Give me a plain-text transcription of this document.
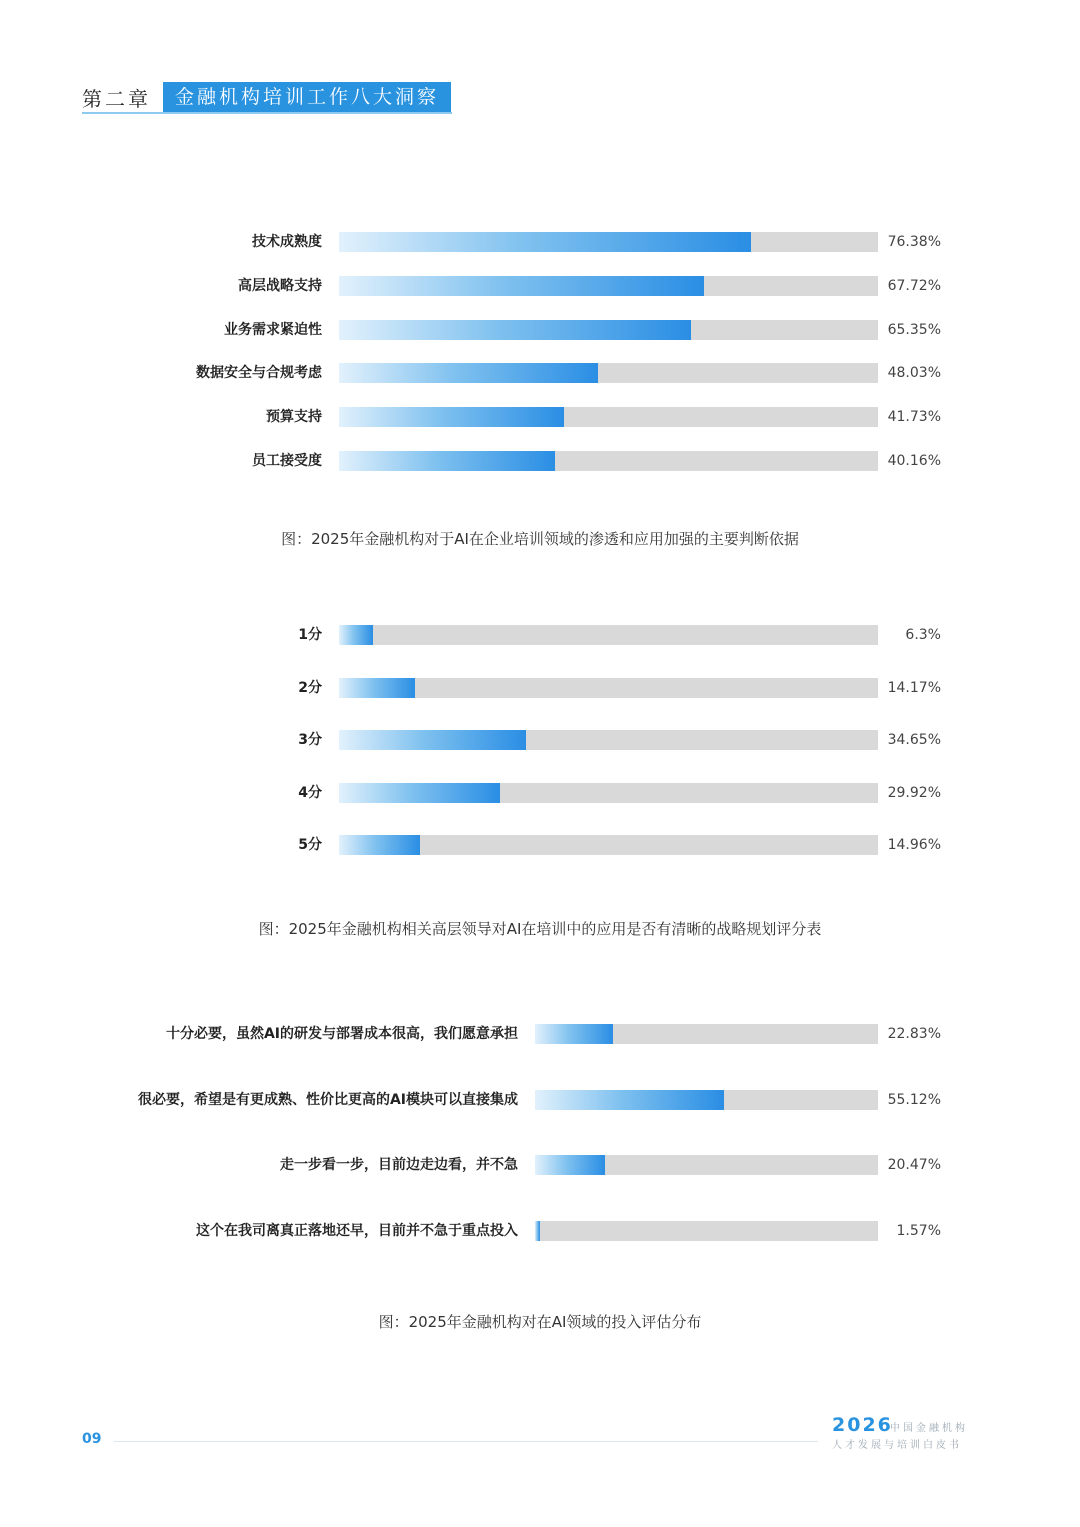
第二章	金融机构培训工作八大洞察
技术成熟度	76.38%
高层战略支持	67.72%
业务需求紧迫性	65.35%
数据安全与合规考虑	48.03%
预算支持	41.73%
员工接受度	40.16%
图：2025年金融机构对于AI在企业培训领域的渗透和应用加强的主要判断依据
1分	6.3%
2分	14.17%
3分	34.65%
4分	29.92%
5分	14.96%
图：2025年金融机构相关高层领导对AI在培训中的应用是否有清晰的战略规划评分表
十分必要，虽然AI的研发与部署成本很高，我们愿意承担	22.83%
很必要，希望是有更成熟、性价比更高的AI模块可以直接集成	55.12%
走一步看一步，目前边走边看，并不急	20.47%
这个在我司离真正落地还早，目前并不急于重点投入	1.57%
图：2025年金融机构对在AI领域的投入评估分布
09
2026
中国金融机构
人才发展与培训白皮书
